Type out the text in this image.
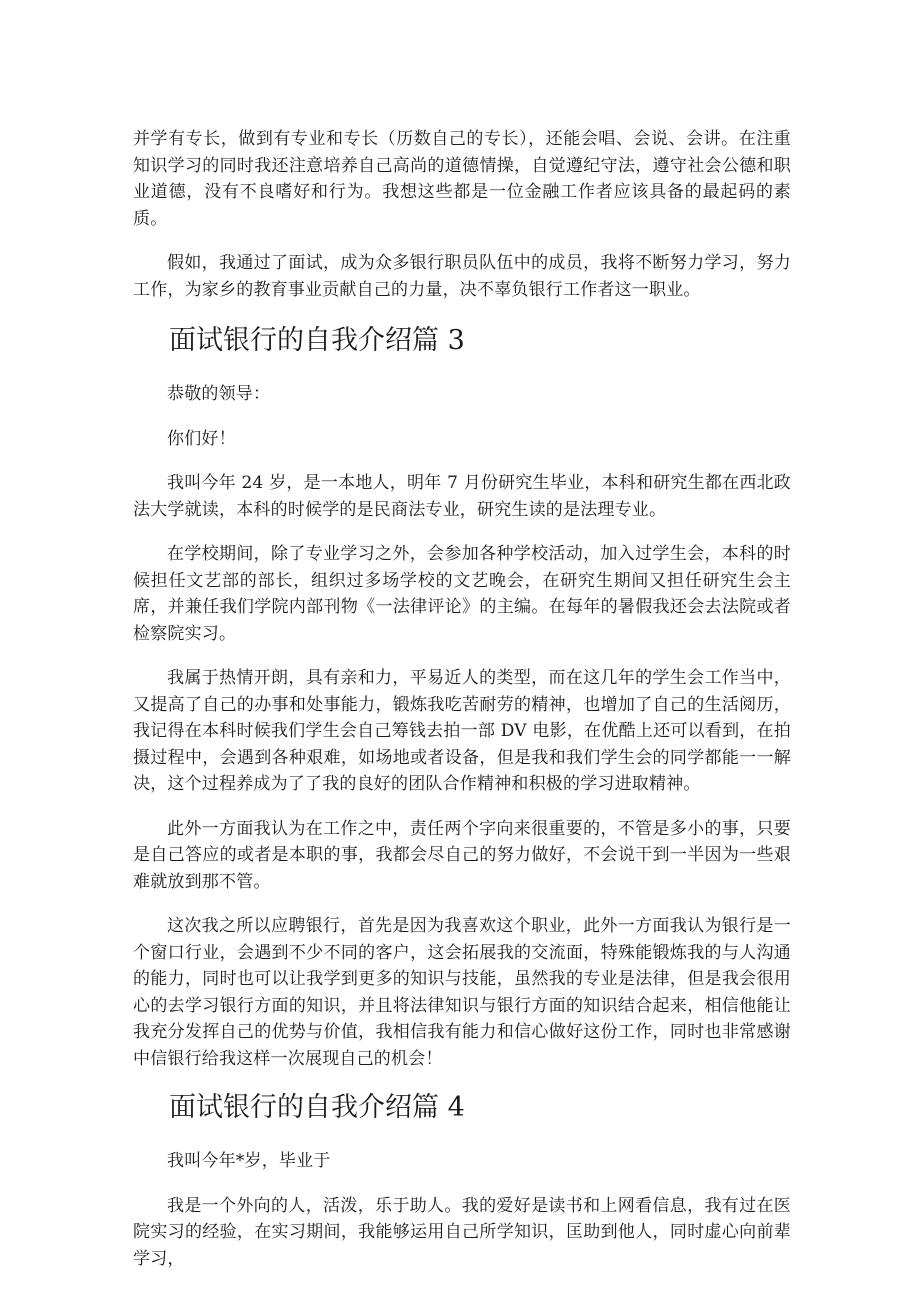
并学有专长，做到有专业和专长（历数自己的专长），还能会唱、会说、会讲。在注重知识学习的同时我还注意培养自己高尚的道德情操，自觉遵纪守法，遵守社会公德和职业道德，没有不良嗜好和行为。我想这些都是一位金融工作者应该具备的最起码的素质。

假如，我通过了面试，成为众多银行职员队伍中的成员，我将不断努力学习，努力工作，为家乡的教育事业贡献自己的力量，决不辜负银行工作者这一职业。

面试银行的自我介绍篇 3

恭敬的领导：

你们好！

我叫今年 24 岁，是一本地人，明年 7 月份研究生毕业，本科和研究生都在西北政法大学就读，本科的时候学的是民商法专业，研究生读的是法理专业。

在学校期间，除了专业学习之外，会参加各种学校活动，加入过学生会，本科的时候担任文艺部的部长，组织过多场学校的文艺晚会，在研究生期间又担任研究生会主席，并兼任我们学院内部刊物《一法律评论》的主编。在每年的暑假我还会去法院或者检察院实习。

我属于热情开朗，具有亲和力，平易近人的类型，而在这几年的学生会工作当中，又提高了自己的办事和处事能力，锻炼我吃苦耐劳的精神，也增加了自己的生活阅历，我记得在本科时候我们学生会自己筹钱去拍一部 DV 电影，在优酷上还可以看到，在拍摄过程中，会遇到各种艰难，如场地或者设备，但是我和我们学生会的同学都能一一解决，这个过程养成为了了我的良好的团队合作精神和积极的学习进取精神。

此外一方面我认为在工作之中，责任两个字向来很重要的，不管是多小的事，只要是自己答应的或者是本职的事，我都会尽自己的努力做好，不会说干到一半因为一些艰难就放到那不管。

这次我之所以应聘银行，首先是因为我喜欢这个职业，此外一方面我认为银行是一个窗口行业，会遇到不少不同的客户，这会拓展我的交流面，特殊能锻炼我的与人沟通的能力，同时也可以让我学到更多的知识与技能，虽然我的专业是法律，但是我会很用心的去学习银行方面的知识，并且将法律知识与银行方面的知识结合起来，相信他能让我充分发挥自己的优势与价值，我相信我有能力和信心做好这份工作，同时也非常感谢中信银行给我这样一次展现自己的机会！

面试银行的自我介绍篇 4

我叫今年*岁，毕业于

我是一个外向的人，活泼，乐于助人。我的爱好是读书和上网看信息，我有过在医院实习的经验，在实习期间，我能够运用自己所学知识，匡助到他人，同时虚心向前辈学习，
